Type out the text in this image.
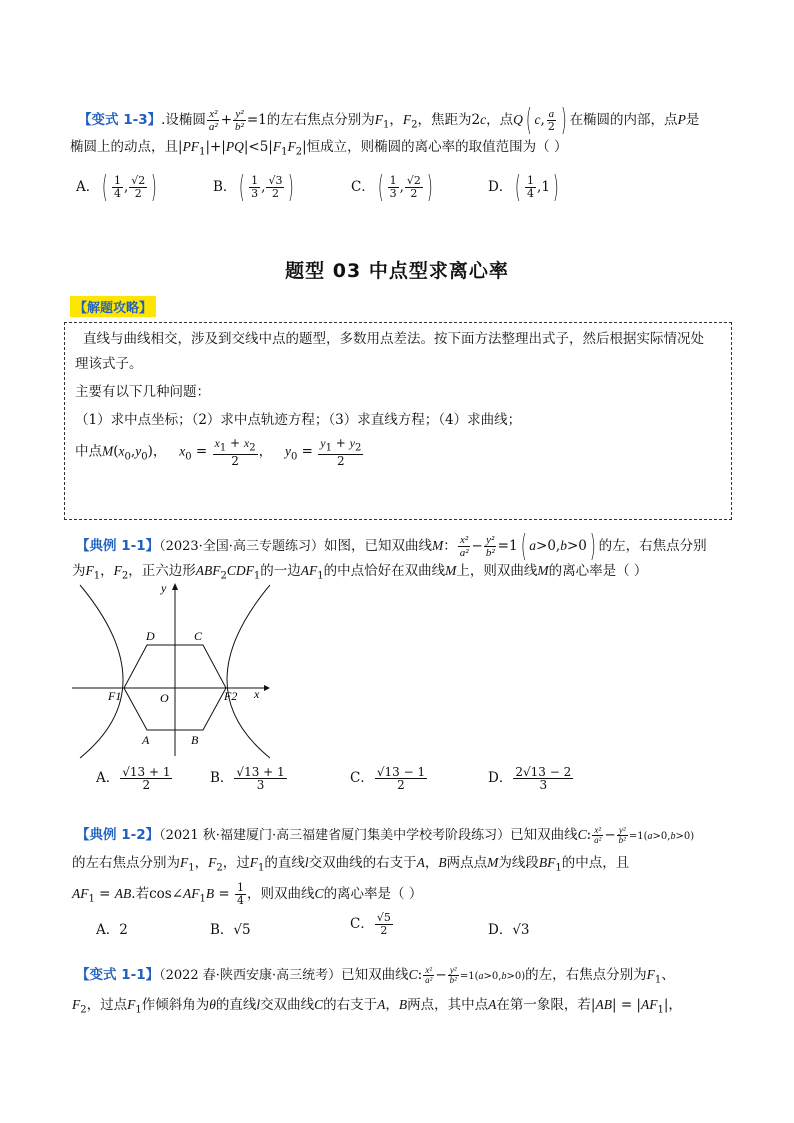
【变式 1-3】.设椭圆 $\frac{\text{x²}}{\text{a²}} + \frac{\text{y²}}{\text{b²}} =1$的左右焦点分别为$F_1$，$F_2$，焦距为2c，点Q( c, $\frac{a}{2}$ ) 在椭圆的内部，点P是
椭圆上的动点，且$|PF_1|+|PQ|<5|F_1F_2|$恒成立，则椭圆的离心率的取值范围为（ ）
A．( $\frac{1}{4}$ , $\frac{√2}{2}$ )	B．( $\frac{1}{3}$ , $\frac{√3}{2}$ )	C．( $\frac{1}{3}$ , $\frac{√2}{2}$ )	D．( $\frac{1}{4} ,1$)
题型 03 中点型求离心率
【解题攻略】
直线与曲线相交，涉及到交线中点的题型，多数用点差法。按下面方法整理出式子，然后根据实际情况处
理该式子。
主要有以下几种问题：
（1）求中点坐标；（2）求中点轨迹方程；（3）求直线方程；（4）求曲线；
中点$M(x_0,y_0)$，   $x_0 = \frac{x_1 + x_2}{2}$ ，   $y_0 = \frac{y_1 + y_2}{2}$
【典例 1-1】（2023·全国·高三专题练习）如图，已知双曲线M： $\frac{\text{x²}}{\text{a²}} - \frac{\text{y²}}{\text{b²}} =1$( a>0,b>0) 的左，右焦点分别
为$F_1$，$F_2$，正六边形$ABF_2CDF_1$的一边$AF_1$的中点恰好在双曲线M上，则双曲线M的离心率是（ ）
y
x
O
D	C
F1	F2
A	B
A． $\frac{√13 + 1}{2}$	B． $\frac{√13 + 1}{3}$	C． $\frac{√13 - 1}{2}$	D． $\frac{2√13 - 2}{3}$
【典例 1-2】（2021 秋·福建厦门·高三福建省厦门集美中学校考阶段练习）已知双曲线C: $\frac{\text{x²}}{\text{a²}} - \frac{\text{y²}}{\text{b²}} =1(a>0,b>0)$
的左右焦点分别为$F_1$，$F_2$，过$F_1$的直线l交双曲线的右支于A，B两点点M为线段$BF_1$的中点，且
$AF_1$ = AB.若$\cos\angle AF_1B = \frac{1}{4}$ ，则双曲线C的离心率是（ ）
A．2	B．√5	C． $\frac{√5}{2}$	D．√3
【变式 1-1】（2022 春·陕西安康·高三统考）已知双曲线C: $\frac{\text{x²}}{\text{a²}} - \frac{\text{y²}}{\text{b²}} =1(a>0,b>0)$的左，右焦点分别为$F_1$、
$F_2$，过点$F_1$作倾斜角为θ的直线l交双曲线C的右支于A，B两点，其中点A在第一象限，若$|AB| = |AF_1|$，
